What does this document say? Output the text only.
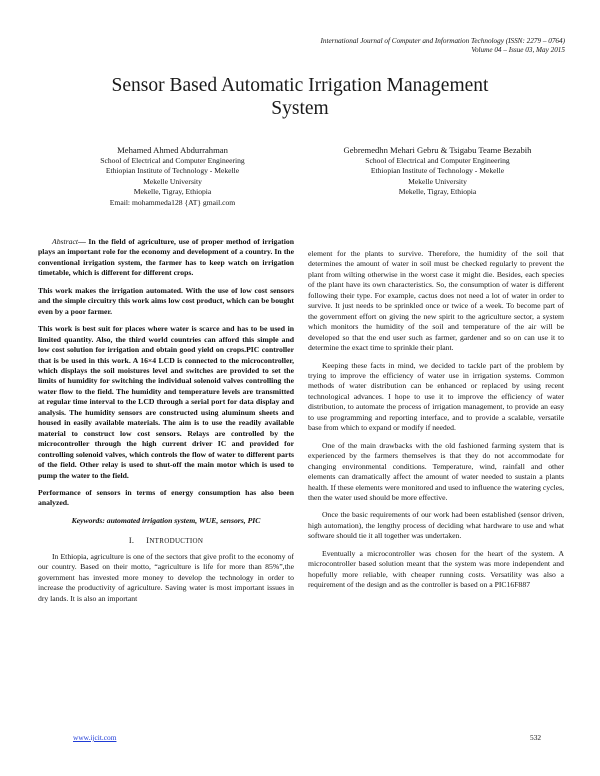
International Journal of Computer and Information Technology (ISSN: 2279 – 0764)
Volume 04 – Issue 03, May 2015
Sensor Based Automatic Irrigation Management
System
Mehamed Ahmed Abdurrahman
School of Electrical and Computer Engineering
Ethiopian Institute of Technology - Mekelle
Mekelle University
Mekelle, Tigray, Ethiopia
Email: mohammeda128 {AT} gmail.com
Gebremedhn Mehari Gebru & Tsigabu Teame Bezabih
School of Electrical and Computer Engineering
Ethiopian Institute of Technology - Mekelle
Mekelle University
Mekelle, Tigray, Ethiopia

Abstract— In the field of agriculture, use of proper method of irrigation plays an important role for the economy and development of a country. In the conventional irrigation system, the farmer has to keep watch on irrigation timetable, which is different for different crops.

This work makes the irrigation automated. With the use of low cost sensors and the simple circuitry this work aims low cost product, which can be bought even by a poor farmer.

This work is best suit for places where water is scarce and has to be used in limited quantity. Also, the third world countries can afford this simple and low cost solution for irrigation and obtain good yield on crops.PIC controller that is be used in this work. A 16×4 LCD is connected to the microcontroller, which displays the soil moistures level and switches are provided to set the limits of humidity for switching the individual solenoid valves controlling the water flow to the field. The humidity and temperature levels are transmitted at regular time interval to the LCD through a serial port for data display and analysis. The humidity sensors are constructed using aluminum sheets and housed in easily available materials. The aim is to use the readily available material to construct low cost sensors. Relays are controlled by the microcontroller through the high current driver IC and provided for controlling solenoid valves, which controls the flow of water to different parts of the field. Other relay is used to shut-off the main motor which is used to pump the water to the field.

Performance of sensors in terms of energy consumption has also been analyzed.

Keywords: automated irrigation system, WUE, sensors, PIC

I. INTRODUCTION

In Ethiopia, agriculture is one of the sectors that give profit to the economy of our country. Based on their motto, “agriculture is life for more than 85%”,the government has invested more money to develop the technology in order to increase the productivity of agriculture. Saving water is most important issues in dry lands. It is also an important

element for the plants to survive. Therefore, the humidity of the soil that determines the amount of water in soil must be checked regularly to prevent the plant from wilting otherwise in the worst case it might die. Besides, each species of the plant have its own characteristics. So, the consumption of water is different following their type. For example, cactus does not need a lot of water in order to survive. It just needs to be sprinkled once or twice of a week. To become part of the government effort on giving the new spirit to the agriculture sector, a system which monitors the humidity of the soil and temperature of the air will be developed so that the end user such as farmer, gardener and so on can use it to determine the exact time to sprinkle their plant.

Keeping these facts in mind, we decided to tackle part of the problem by trying to improve the efficiency of water use in irrigation systems. Common methods of water distribution can be enhanced or replaced by using recent technological advances. I hope to use it to improve the efficiency of water distribution, to automate the process of irrigation management, to provide an easy to use programming and reporting interface, and to provide a scalable, versatile base from which to expand or modify if needed.

One of the main drawbacks with the old fashioned farming system that is experienced by the farmers themselves is that they do not accommodate for changing environmental conditions. Temperature, wind, rainfall and other elements can dramatically affect the amount of water needed to sustain a plants health. If these elements were monitored and used to influence the watering cycles, then the water used should be more effective.

Once the basic requirements of our work had been established (sensor driven, high automation), the lengthy process of deciding what hardware to use and what software should tie it all together was undertaken.

Eventually a microcontroller was chosen for the heart of the system. A microcontroller based solution meant that the system was more independent and hopefully more reliable, with cheaper running costs. Versatility was also a requirement of the design and as the controller is based on a PIC16F887

www.ijcit.com	532
